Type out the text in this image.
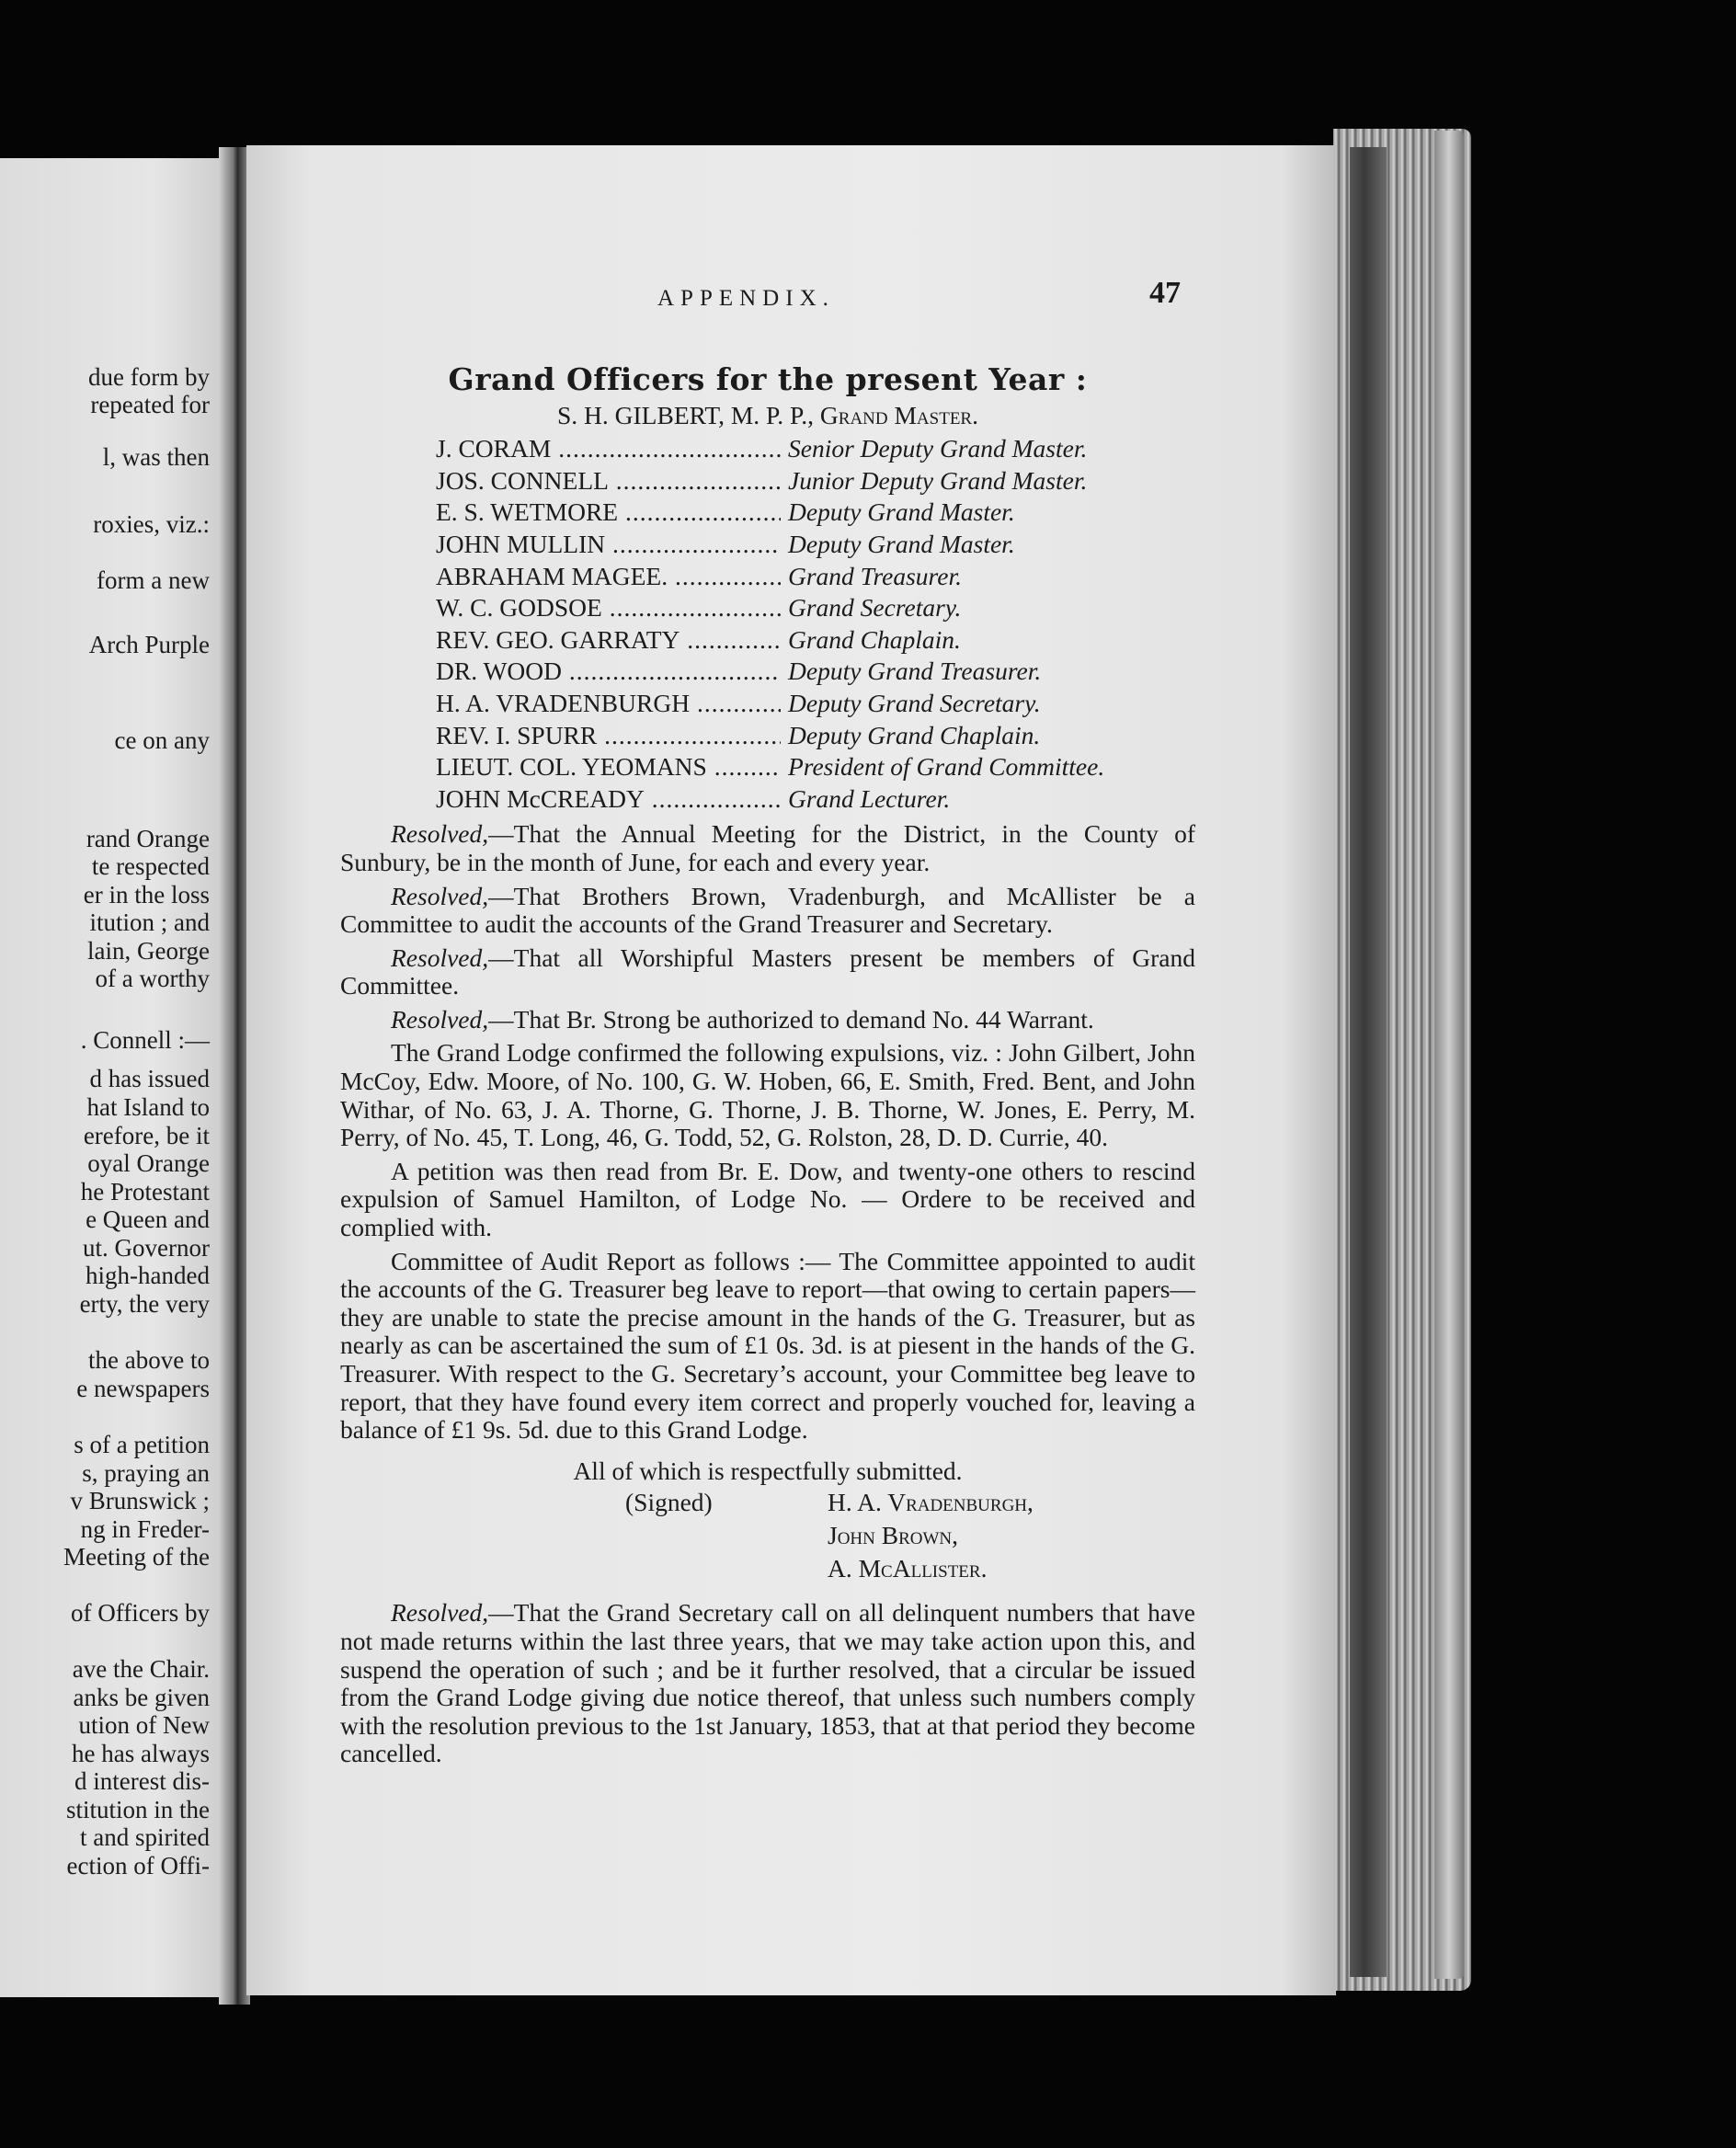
due form by
repeated for
l, was then
roxies, viz.:
form a new
Arch Purple
ce on any
rand Orange
te respected
er in the loss
itution ; and
lain, George
of a worthy
. Connell :—
d has issued
hat Island to
erefore, be it
oyal Orange
he Protestant
e Queen and
ut. Governor
high-handed
erty, the very
the above to
e newspapers
s of a petition
s, praying an
v Brunswick ;
ng in Freder-
Meeting of the
of Officers by
ave the Chair.
anks be given
ution of New
he has always
d interest dis-
stitution in the
t and spirited
ection of Offi-
APPENDIX.	47
Grand Officers for the present Year :
S. H. GILBERT, M. P. P., Grand Master.
J. CORAM .....	Senior Deputy Grand Master.
JOS. CONNELL .....	Junior Deputy Grand Master.
E. S. WETMORE .....	Deputy Grand Master.
JOHN MULLIN .....	Deputy Grand Master.
ABRAHAM MAGEE. .....	Grand Treasurer.
W. C. GODSOE .....	Grand Secretary.
REV. GEO. GARRATY .....	Grand Chaplain.
DR. WOOD .....	Deputy Grand Treasurer.
H. A. VRADENBURGH .....	Deputy Grand Secretary.
REV. I. SPURR .....	Deputy Grand Chaplain.
LIEUT. COL. YEOMANS .....	President of Grand Committee.
JOHN McCREADY .....	Grand Lecturer.

Resolved,—That the Annual Meeting for the District, in the County of Sunbury, be in the month of June, for each and every year.

Resolved,—That Brothers Brown, Vradenburgh, and McAllister be a Committee to audit the accounts of the Grand Treasurer and Secretary.

Resolved,—That all Worshipful Masters present be members of Grand Committee.

Resolved,—That Br. Strong be authorized to demand No. 44 Warrant.

The Grand Lodge confirmed the following expulsions, viz. : John Gilbert, John McCoy, Edw. Moore, of No. 100, G. W. Hoben, 66, E. Smith, Fred. Bent, and John Withar, of No. 63, J. A. Thorne, G. Thorne, J. B. Thorne, W. Jones, E. Perry, M. Perry, of No. 45, T. Long, 46, G. Todd, 52, G. Rolston, 28, D. D. Currie, 40.

A petition was then read from Br. E. Dow, and twenty-one others to rescind expulsion of Samuel Hamilton, of Lodge No. — Ordere to be received and complied with.

Committee of Audit Report as follows :— The Committee appointed to audit the accounts of the G. Treasurer beg leave to report—that owing to certain papers—they are unable to state the precise amount in the hands of the G. Treasurer, but as nearly as can be ascertained the sum of £1 0s. 3d. is at piesent in the hands of the G. Treasurer. With respect to the G. Secretary’s account, your Committee beg leave to report, that they have found every item correct and properly vouched for, leaving a balance of £1 9s. 5d. due to this Grand Lodge.

All of which is respectfully submitted.
(Signed)	H. A. Vradenburgh,
John Brown,
A. McAllister.

Resolved,—That the Grand Secretary call on all delinquent numbers that have not made returns within the last three years, that we may take action upon this, and suspend the operation of such ; and be it further resolved, that a circular be issued from the Grand Lodge giving due notice thereof, that unless such numbers comply with the resolution previous to the 1st January, 1853, that at that period they become cancelled.
